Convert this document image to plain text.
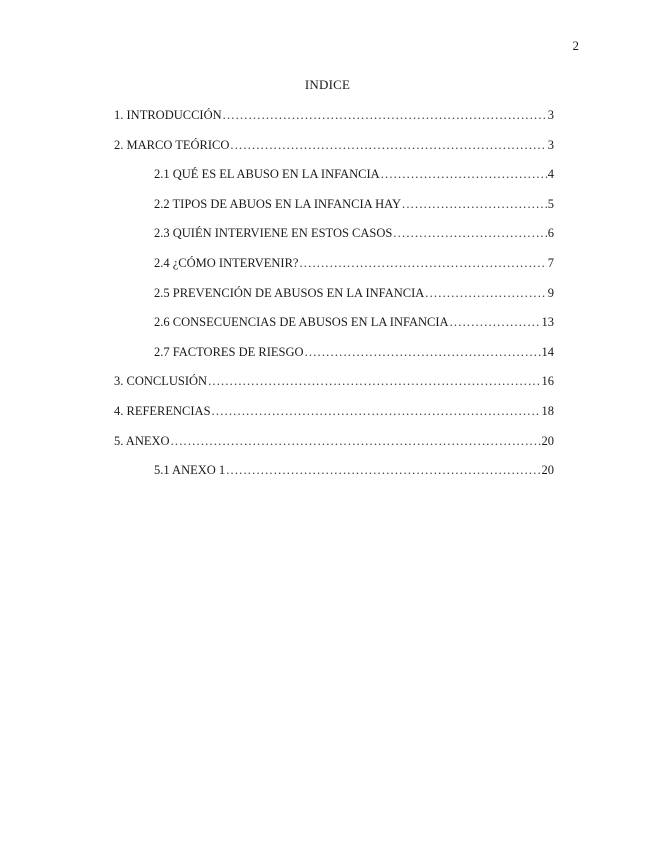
2
INDICE
1. INTRODUCCIÓN .....	3
2. MARCO TEÓRICO .....	3
2.1 QUÉ ES EL ABUSO EN LA INFANCIA .....	4
2.2 TIPOS DE ABUOS EN LA INFANCIA HAY .....	5
2.3 QUIÉN INTERVIENE EN ESTOS CASOS .....	6
2.4 ¿CÓMO INTERVENIR? .....	7
2.5 PREVENCIÓN DE ABUSOS EN LA INFANCIA .....	9
2.6 CONSECUENCIAS DE ABUSOS EN LA INFANCIA .....	13
2.7 FACTORES DE RIESGO .....	14
3. CONCLUSIÓN .....	16
4. REFERENCIAS .....	18
5. ANEXO .....	20
5.1 ANEXO 1 .....	20
